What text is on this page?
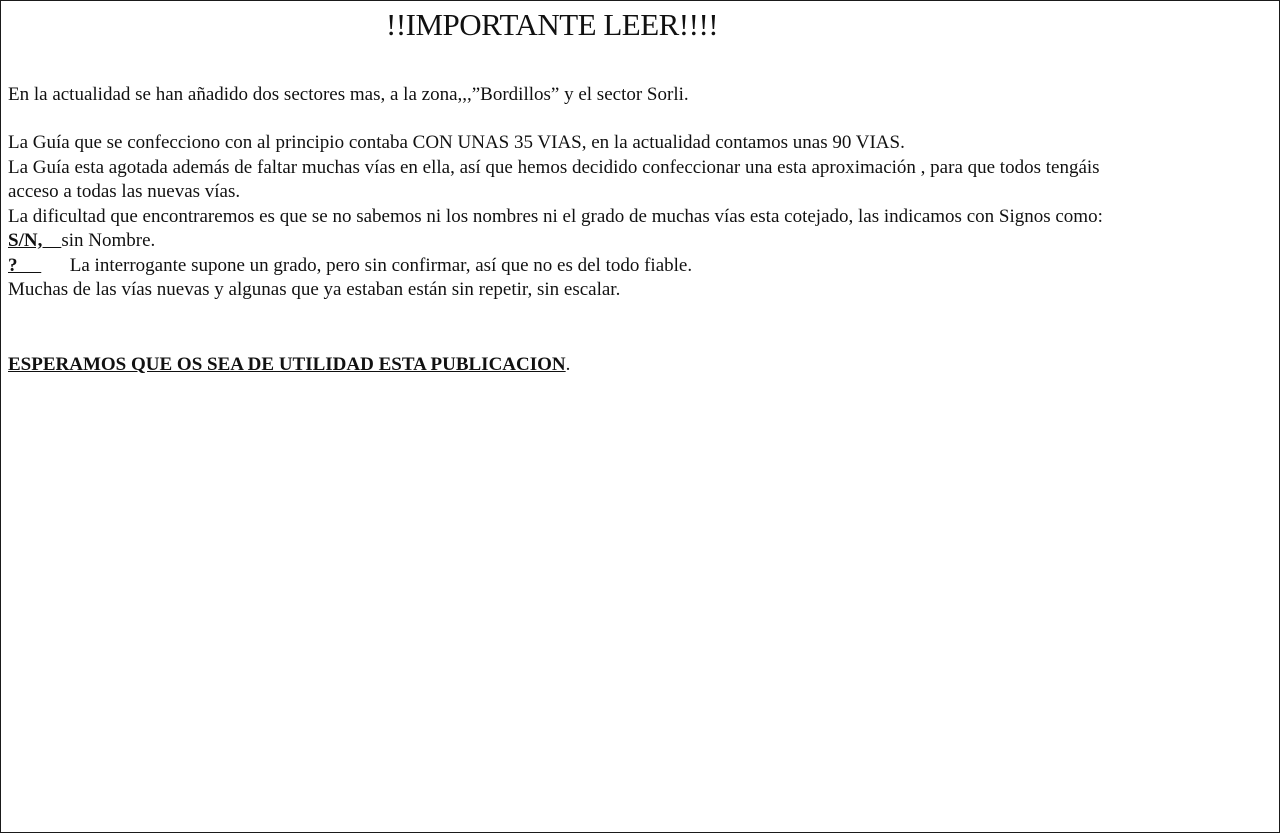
!!IMPORTANTE LEER!!!!
En la actualidad se han añadido dos sectores mas, a la zona,,,”Bordillos” y el sector Sorli.
La Guía que se confecciono con al principio contaba CON UNAS 35 VIAS, en la actualidad contamos unas 90 VIAS.
La Guía esta agotada además de faltar muchas vías en ella, así que hemos decidido confeccionar una esta aproximación , para que todos tengáis
acceso a todas las nuevas vías.
La dificultad que encontraremos es que se no sabemos ni los nombres ni el grado de muchas vías esta cotejado, las indicamos con Signos como:
S/N,    sin Nombre.
?           La interrogante supone un grado, pero sin confirmar, así que no es del todo fiable.
Muchas de las vías nuevas y algunas que ya estaban están sin repetir, sin escalar.
ESPERAMOS QUE OS SEA DE UTILIDAD ESTA PUBLICACION.
